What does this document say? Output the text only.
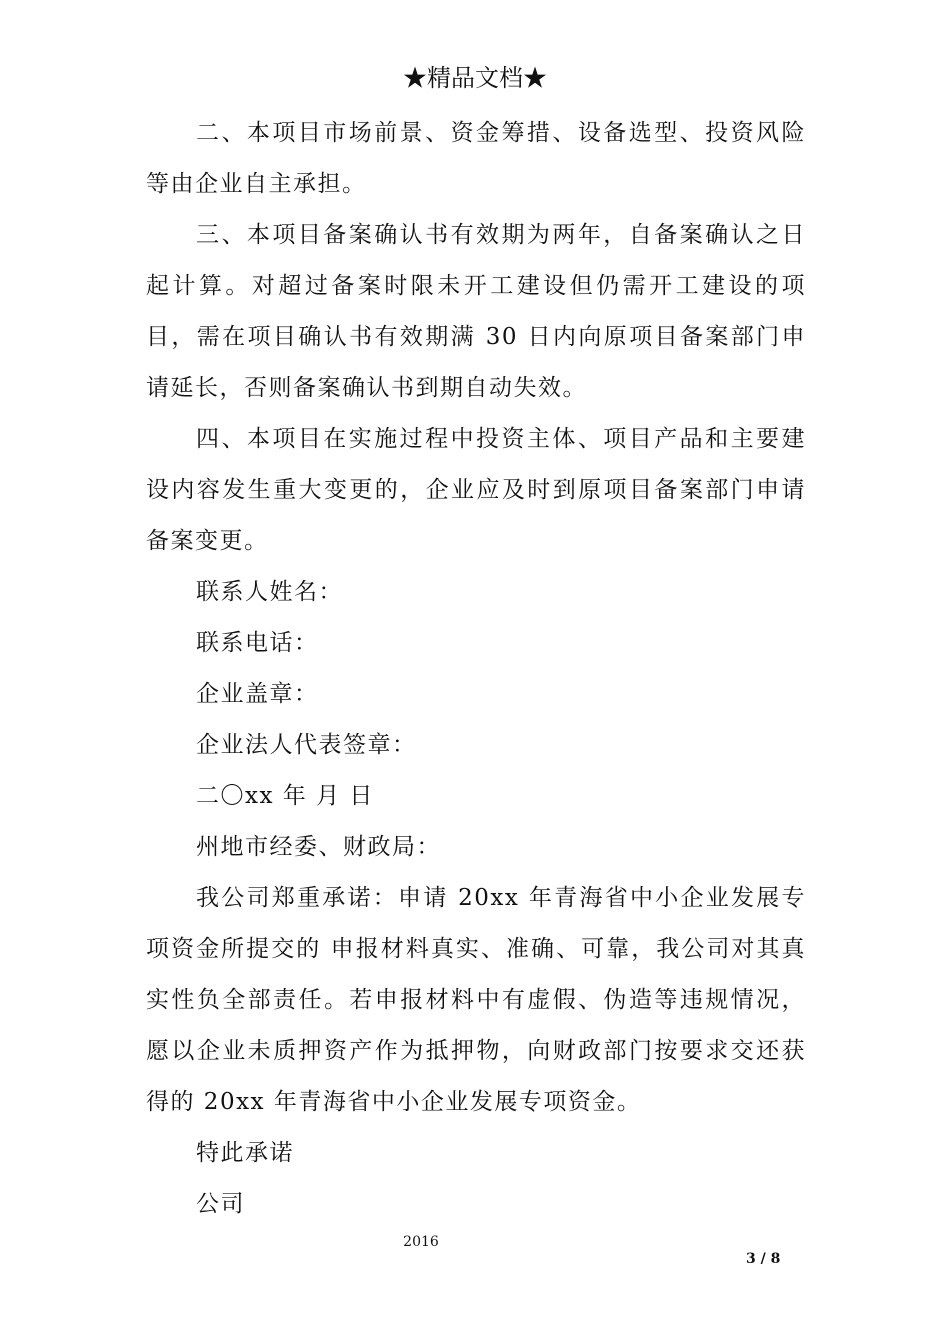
★精品文档★

二、本项目市场前景、资金筹措、设备选型、投资风险等由企业自主承担。

三、本项目备案确认书有效期为两年，自备案确认之日起计算。对超过备案时限未开工建设但仍需开工建设的项目，需在项目确认书有效期满 30 日内向原项目备案部门申请延长，否则备案确认书到期自动失效。

四、本项目在实施过程中投资主体、项目产品和主要建设内容发生重大变更的，企业应及时到原项目备案部门申请备案变更。

联系人姓名：

联系电话：

企业盖章：

企业法人代表签章：

二〇xx 年 月 日

州地市经委、财政局：

我公司郑重承诺：申请 20xx 年青海省中小企业发展专项资金所提交的 申报材料真实、准确、可靠，我公司对其真实性负全部责任。若申报材料中有虚假、伪造等违规情况，愿以企业未质押资产作为抵押物，向财政部门按要求交还获得的 20xx 年青海省中小企业发展专项资金。

特此承诺

公司

2016
3 / 8
